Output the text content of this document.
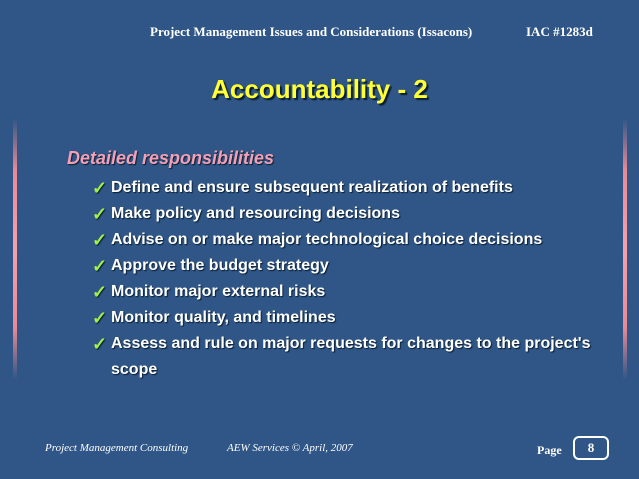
Project Management Issues and Considerations (Issacons)	IAC #1283d
Accountability - 2
Detailed responsibilities
✓ Define and ensure subsequent realization of benefits
✓ Make policy and resourcing decisions
✓ Advise on or make major technological choice decisions
✓ Approve the budget strategy
✓ Monitor major external risks
✓ Monitor quality, and timelines
✓ Assess and rule on major requests for changes to the project's scope
Project Management Consulting	AEW Services © April, 2007	Page	8
